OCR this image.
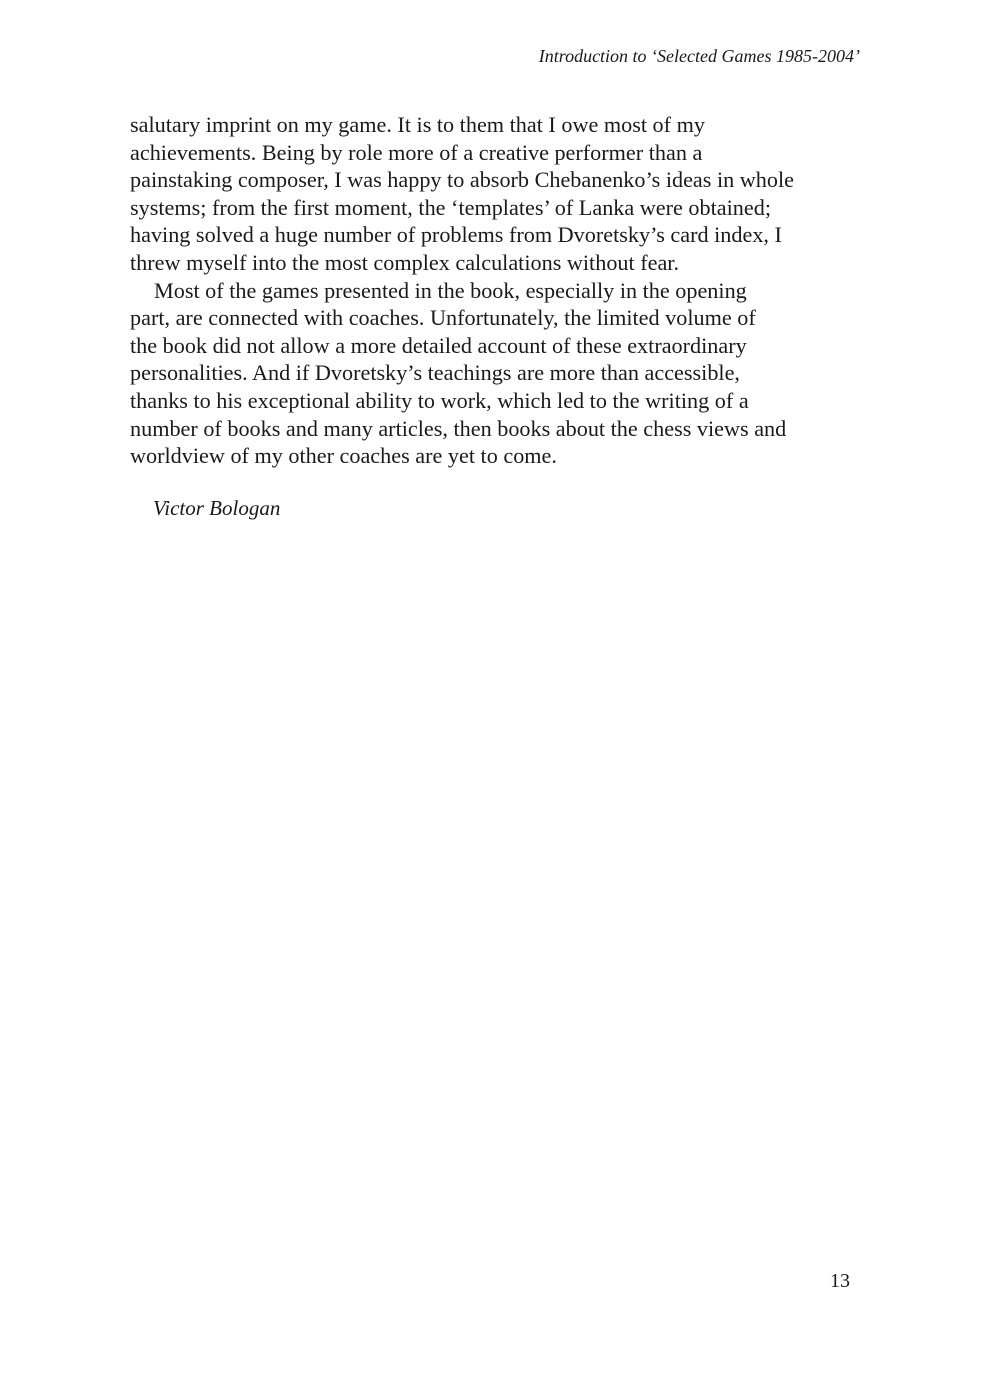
Introduction to ‘Selected Games 1985-2004’
salutary imprint on my game. It is to them that I owe most of my
achievements. Being by role more of a creative performer than a
painstaking composer, I was happy to absorb Chebanenko’s ideas in whole
systems; from the first moment, the ‘templates’ of Lanka were obtained;
having solved a huge number of problems from Dvoretsky’s card index, I
threw myself into the most complex calculations without fear.
Most of the games presented in the book, especially in the opening
part, are connected with coaches. Unfortunately, the limited volume of
the book did not allow a more detailed account of these extraordinary
personalities. And if Dvoretsky’s teachings are more than accessible,
thanks to his exceptional ability to work, which led to the writing of a
number of books and many articles, then books about the chess views and
worldview of my other coaches are yet to come.
Victor Bologan
13
